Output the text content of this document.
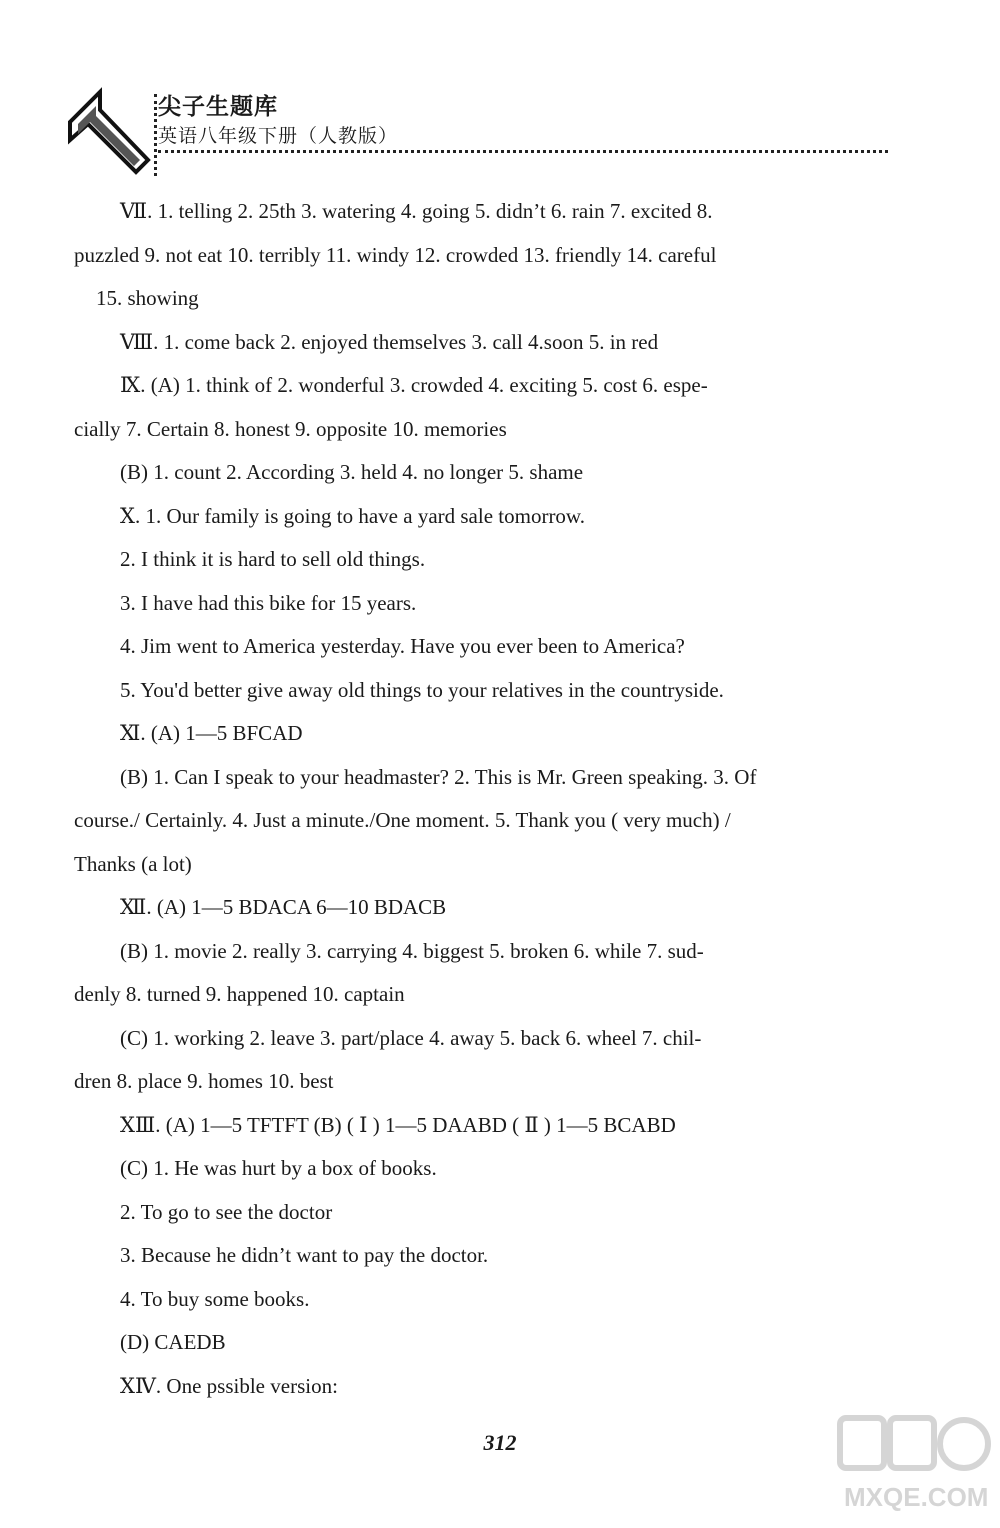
尖子生题库
英语八年级下册（人教版）
Ⅶ. 1. telling 2. 25th 3. watering 4. going 5. didn’t 6. rain 7. excited 8.
puzzled 9. not eat 10. terribly 11. windy 12. crowded 13. friendly 14. careful
15. showing
Ⅷ. 1. come back 2. enjoyed themselves 3. call 4.soon 5. in red
Ⅸ. (A) 1. think of 2. wonderful 3. crowded 4. exciting 5. cost 6. espe-
cially 7. Certain 8. honest 9. opposite 10. memories
(B) 1. count 2. According 3. held 4. no longer 5. shame
Ⅹ. 1. Our family is going to have a yard sale tomorrow.
2. I think it is hard to sell old things.
3. I have had this bike for 15 years.
4. Jim went to America yesterday. Have you ever been to America?
5. You'd better give away old things to your relatives in the countryside.
Ⅺ. (A) 1—5 BFCAD
(B) 1. Can I speak to your headmaster? 2. This is Mr. Green speaking. 3. Of
course./ Certainly. 4. Just a minute./One moment. 5. Thank you ( very much) /
Thanks (a lot)
Ⅻ. (A) 1—5 BDACA 6—10 BDACB
(B) 1. movie 2. really 3. carrying 4. biggest 5. broken 6. while 7. sud-
denly 8. turned 9. happened 10. captain
(C) 1. working 2. leave 3. part/place 4. away 5. back 6. wheel 7. chil-
dren 8. place 9. homes 10. best
ⅩⅢ. (A) 1—5 TFTFT (B) ( Ⅰ ) 1—5 DAABD ( Ⅱ ) 1—5 BCABD
(C) 1. He was hurt by a box of books.
2. To go to see the doctor
3. Because he didn’t want to pay the doctor.
4. To buy some books.
(D) CAEDB
ⅩⅣ. One pssible version:
312
MXQE.COM
